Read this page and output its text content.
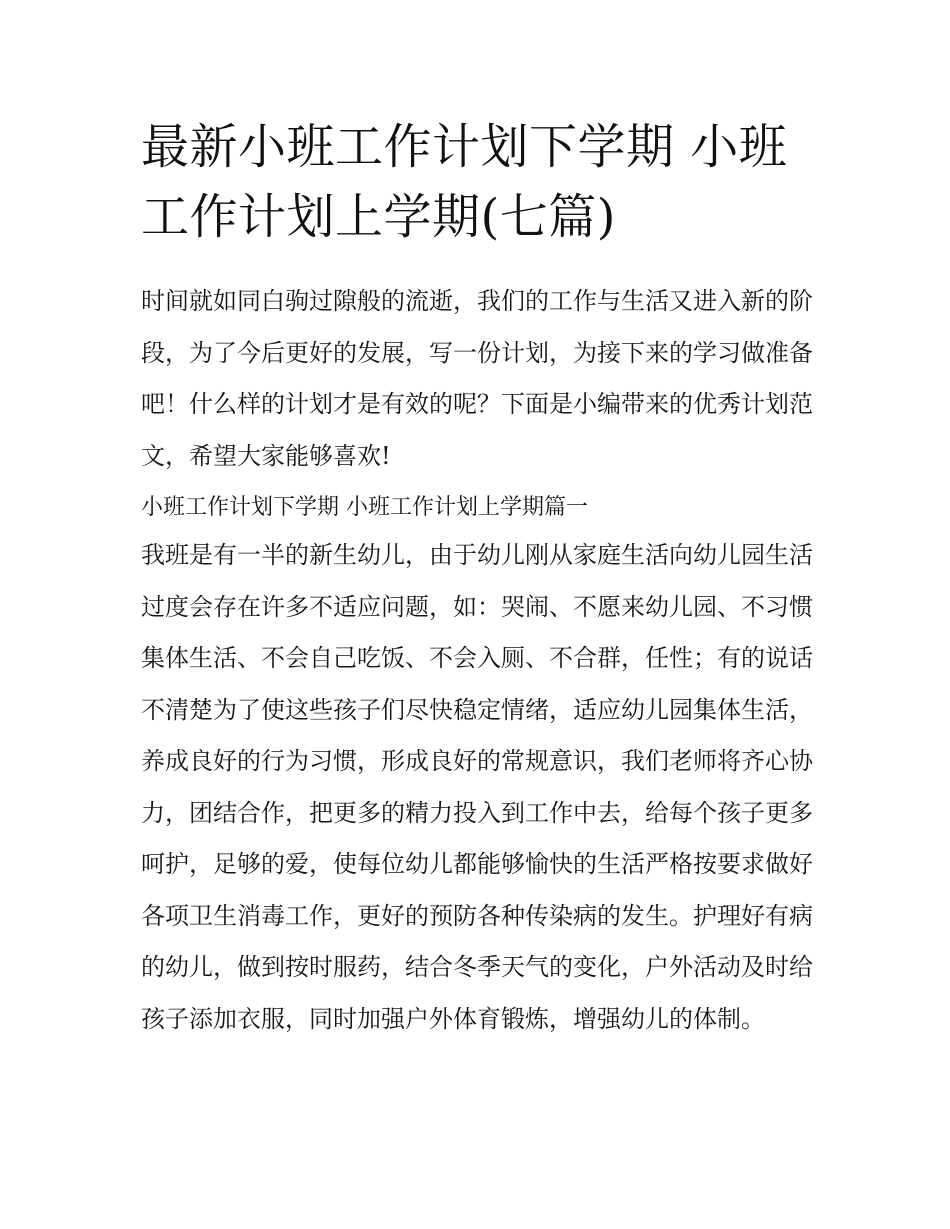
最新小班工作计划下学期 小班工作计划上学期(七篇)

时间就如同白驹过隙般的流逝，我们的工作与生活又进入新的阶段，为了今后更好的发展，写一份计划，为接下来的学习做准备吧！什么样的计划才是有效的呢？下面是小编带来的优秀计划范文，希望大家能够喜欢!

小班工作计划下学期 小班工作计划上学期篇一

我班是有一半的新生幼儿，由于幼儿刚从家庭生活向幼儿园生活过度会存在许多不适应问题，如：哭闹、不愿来幼儿园、不习惯集体生活、不会自己吃饭、不会入厕、不合群，任性；有的说话不清楚为了使这些孩子们尽快稳定情绪，适应幼儿园集体生活，养成良好的行为习惯，形成良好的常规意识，我们老师将齐心协力，团结合作，把更多的精力投入到工作中去，给每个孩子更多呵护，足够的爱，使每位幼儿都能够愉快的生活严格按要求做好各项卫生消毒工作，更好的预防各种传染病的发生。护理好有病的幼儿，做到按时服药，结合冬季天气的变化，户外活动及时给孩子添加衣服，同时加强户外体育锻炼，增强幼儿的体制。
